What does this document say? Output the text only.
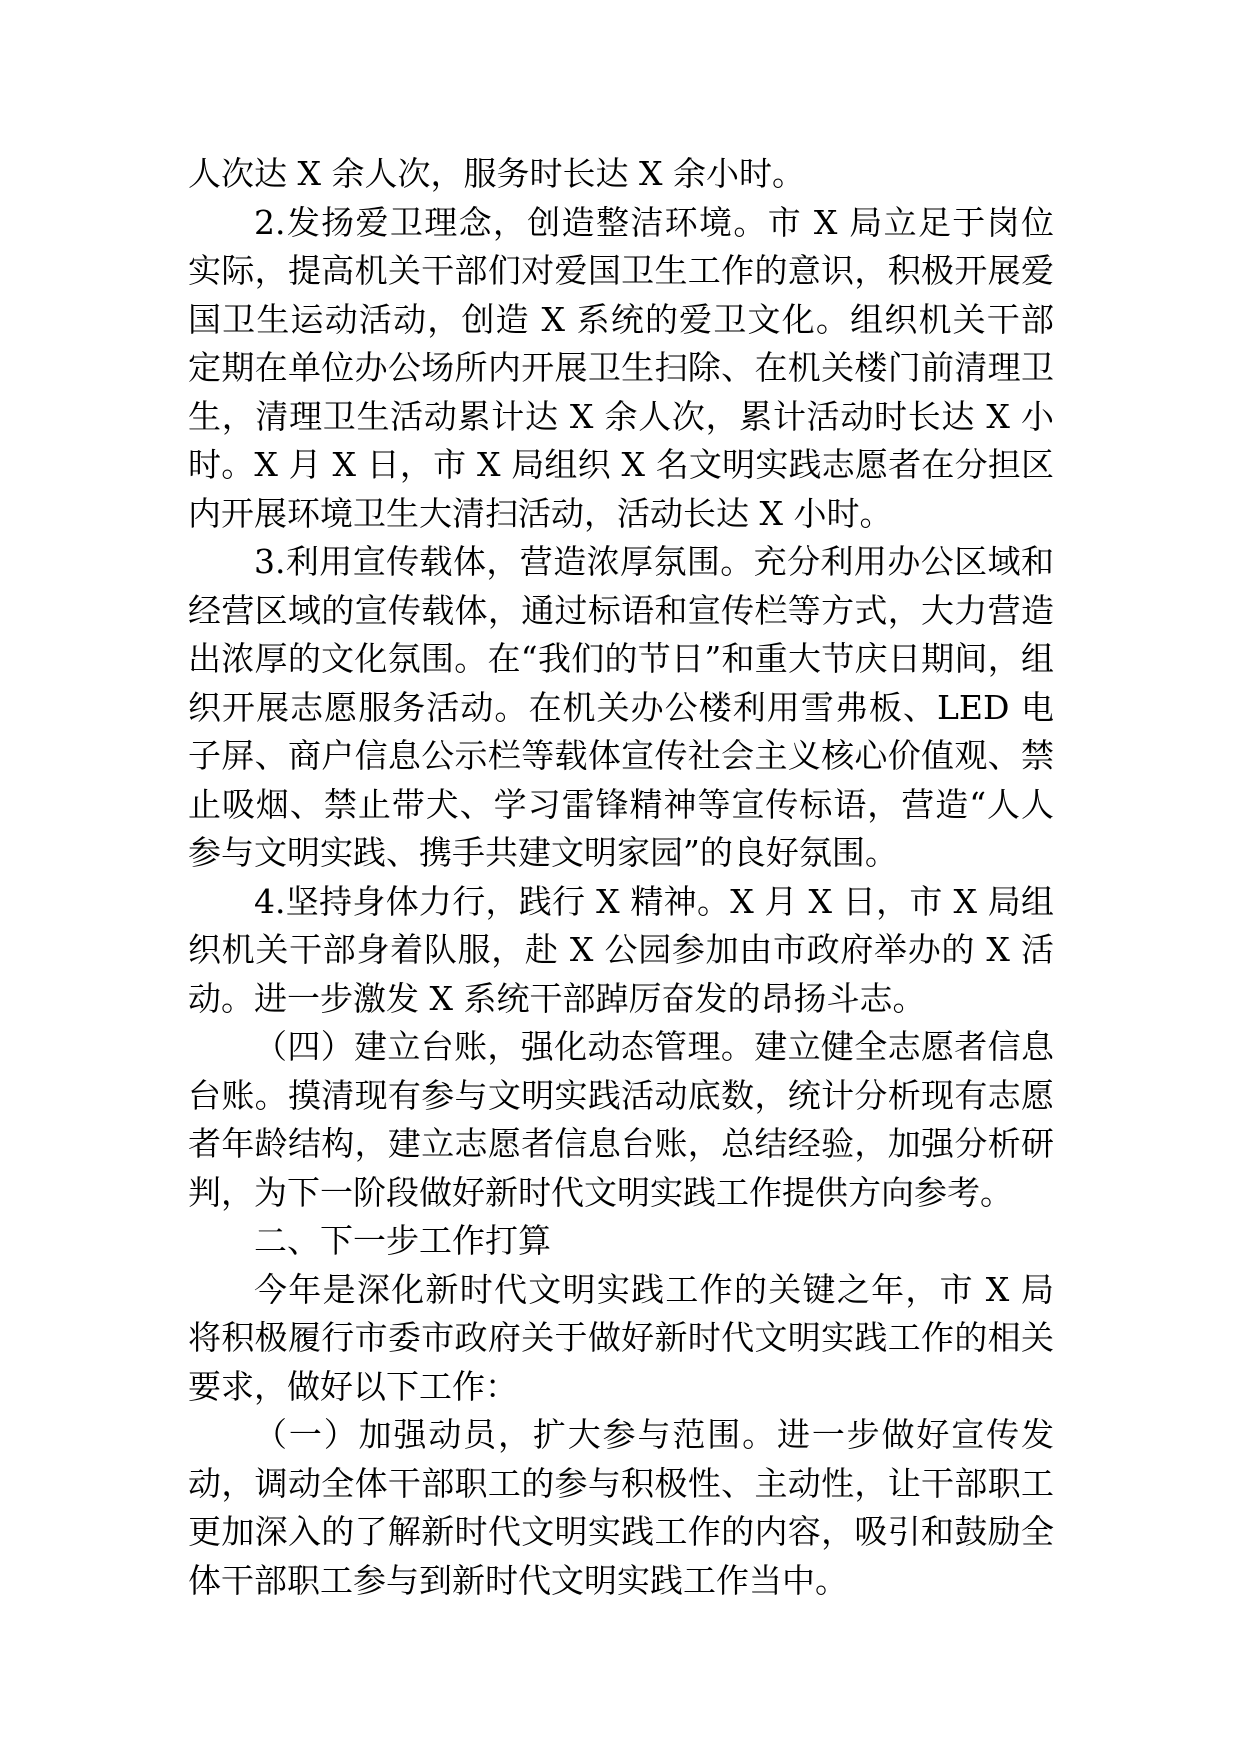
人次达 X 余人次，服务时长达 X 余小时。

2.发扬爱卫理念，创造整洁环境。市 X 局立足于岗位实际，提高机关干部们对爱国卫生工作的意识，积极开展爱国卫生运动活动，创造 X 系统的爱卫文化。组织机关干部定期在单位办公场所内开展卫生扫除、在机关楼门前清理卫生，清理卫生活动累计达 X 余人次，累计活动时长达 X 小时。X 月 X 日，市 X 局组织 X 名文明实践志愿者在分担区内开展环境卫生大清扫活动，活动长达 X 小时。

3.利用宣传载体，营造浓厚氛围。充分利用办公区域和经营区域的宣传载体，通过标语和宣传栏等方式，大力营造出浓厚的文化氛围。在“我们的节日”和重大节庆日期间，组织开展志愿服务活动。在机关办公楼利用雪弗板、LED 电子屏、商户信息公示栏等载体宣传社会主义核心价值观、禁止吸烟、禁止带犬、学习雷锋精神等宣传标语，营造“人人参与文明实践、携手共建文明家园”的良好氛围。

4.坚持身体力行，践行 X 精神。X 月 X 日，市 X 局组织机关干部身着队服，赴 X 公园参加由市政府举办的 X 活动。进一步激发 X 系统干部踔厉奋发的昂扬斗志。

（四）建立台账，强化动态管理。建立健全志愿者信息台账。摸清现有参与文明实践活动底数，统计分析现有志愿者年龄结构，建立志愿者信息台账，总结经验，加强分析研判，为下一阶段做好新时代文明实践工作提供方向参考。

二、下一步工作打算

今年是深化新时代文明实践工作的关键之年，市 X 局将积极履行市委市政府关于做好新时代文明实践工作的相关要求，做好以下工作：

（一）加强动员，扩大参与范围。进一步做好宣传发动，调动全体干部职工的参与积极性、主动性，让干部职工更加深入的了解新时代文明实践工作的内容，吸引和鼓励全体干部职工参与到新时代文明实践工作当中。
